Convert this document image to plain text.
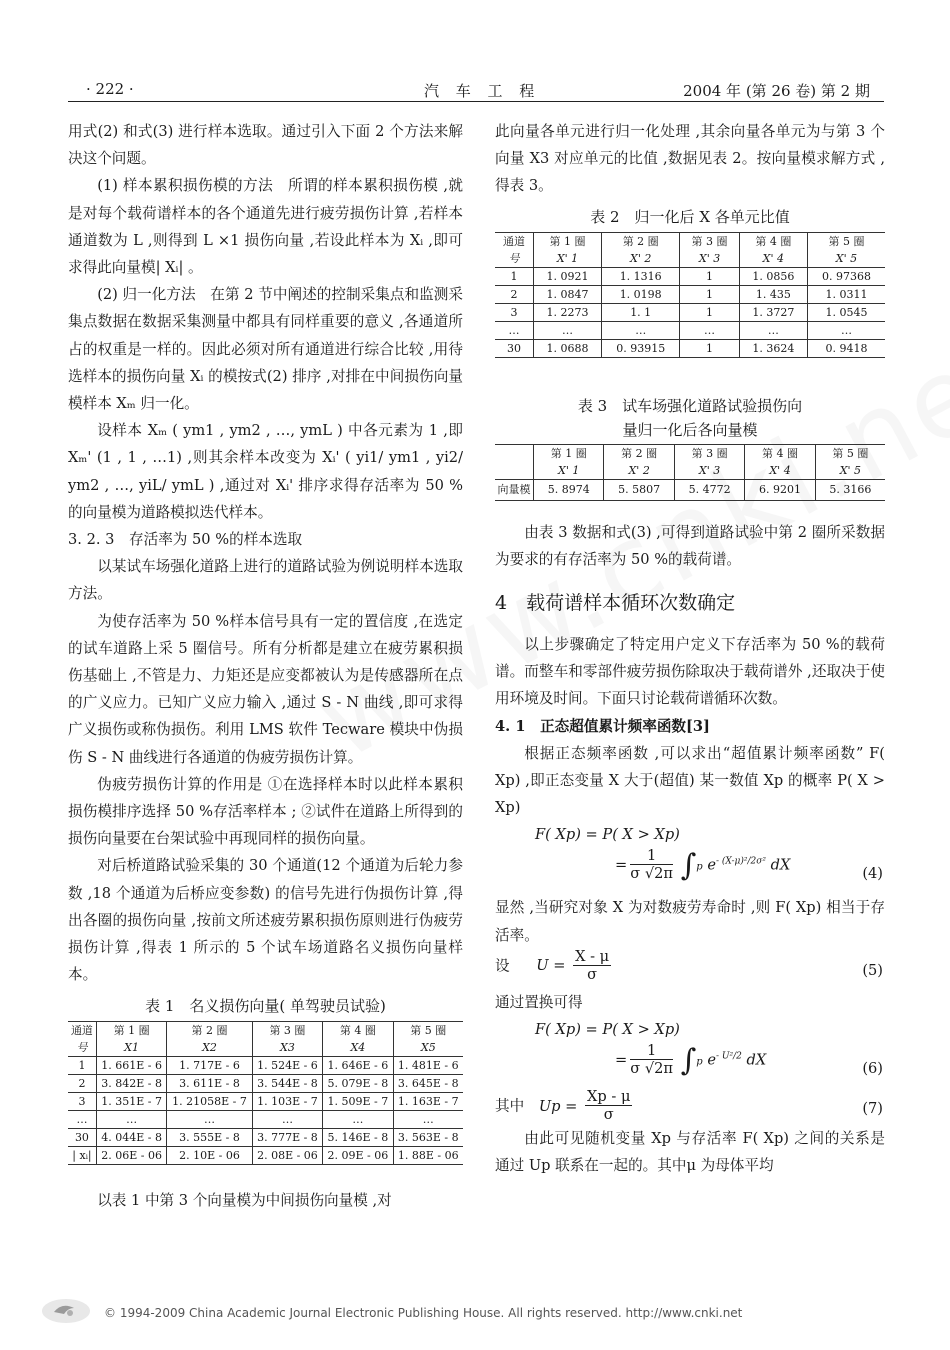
· 222 ·	汽 车 工 程	2004 年 (第 26 卷) 第 2 期

用式(2) 和式(3) 进行样本选取。通过引入下面 2 个方法来解决这个问题。

(1) 样本累积损伤模的方法　所谓的样本累积损伤模 ,就是对每个载荷谱样本的各个通道先进行疲劳损伤计算 ,若样本通道数为 L ,则得到 L ×1 损伤向量 ,若设此样本为 Xᵢ ,即可求得此向量模| Xᵢ| 。

(2) 归一化方法　在第 2 节中阐述的控制采集点和监测采集点数据在数据采集测量中都具有同样重要的意义 ,各通道所占的权重是一样的。因此必须对所有通道进行综合比较 ,用待选样本的损伤向量 Xᵢ 的模按式(2) 排序 ,对排在中间损伤向量模样本 Xₘ 归一化。

设样本 Xₘ ( ym1 , ym2 , …, ymL ) 中各元素为 1 ,即 Xₘ' (1 , 1 , …1) ,则其余样本改变为 Xᵢ' ( yi1/ ym1 , yi2/ ym2 , …, yiL/ ymL ) ,通过对 Xᵢ' 排序求得存活率为 50 %的向量模为道路模拟迭代样本。

3. 2. 3　存活率为 50 %的样本选取

以某试车场强化道路上进行的道路试验为例说明样本选取方法。

为使存活率为 50 %样本信号具有一定的置信度 ,在选定的试车道路上采 5 圈信号。所有分析都是建立在疲劳累积损伤基础上 ,不管是力、力矩还是应变都被认为是传感器所在点的广义应力。已知广义应力输入 ,通过 S - N 曲线 ,即可求得广义损伤或称伪损伤。利用 LMS 软件 Tecware 模块中伪损伤 S - N 曲线进行各通道的伪疲劳损伤计算。

伪疲劳损伤计算的作用是 ①在选择样本时以此样本累积损伤模排序选择 50 %存活率样本 ; ②试件在道路上所得到的损伤向量要在台架试验中再现同样的损伤向量。

对后桥道路试验采集的 30 个通道(12 个通道为后轮力参数 ,18 个通道为后桥应变参数) 的信号先进行伪损伤计算 ,得出各圈的损伤向量 ,按前文所述疲劳累积损伤原则进行伪疲劳损伤计算 ,得表 1 所示的 5 个试车场道路名义损伤向量样本。

表 1　名义损伤向量( 单驾驶员试验)
通道	第 1 圈	第 2 圈	第 3 圈	第 4 圈	第 5 圈
号	X1	X2	X3	X4	X5
1	1. 661E - 6	1. 717E - 6	1. 524E - 6	1. 646E - 6	1. 481E - 6
2	3. 842E - 8	3. 611E - 8	3. 544E - 8	5. 079E - 8	3. 645E - 8
3	1. 351E - 7	1. 21058E - 7	1. 103E - 7	1. 509E - 7	1. 163E - 7
…	…	…	…	…	…
30	4. 044E - 8	3. 555E - 8	3. 777E - 8	5. 146E - 8	3. 563E - 8
| xᵢ|	2. 06E - 06	2. 10E - 06	2. 08E - 06	2. 09E - 06	1. 88E - 06

以表 1 中第 3 个向量模为中间损伤向量模 ,对

此向量各单元进行归一化处理 ,其余向量各单元为与第 3 个向量 X3 对应单元的比值 ,数据见表 2。按向量模求解方式 ,得表 3。

表 2　归一化后 X 各单元比值
通道	第 1 圈	第 2 圈	第 3 圈	第 4 圈	第 5 圈
号	X' 1	X' 2	X' 3	X' 4	X' 5
1	1. 0921	1. 1316	1	1. 0856	0. 97368
2	1. 0847	1. 0198	1	1. 435	1. 0311
3	1. 2273	1. 1	1	1. 3727	1. 0545
…	…	…	…	…	…
30	1. 0688	0. 93915	1	1. 3624	0. 9418
表 3　试车场强化道路试验损伤向
量归一化后各向量模
	第 1 圈	第 2 圈	第 3 圈	第 4 圈	第 5 圈
	X' 1	X' 2	X' 3	X' 4	X' 5
向量模	5. 8974	5. 5807	5. 4772	6. 9201	5. 3166

由表 3 数据和式(3) ,可得到道路试验中第 2 圈所采数据为要求的有存活率为 50 %的载荷谱。

4　载荷谱样本循环次数确定

以上步骤确定了特定用户定义下存活率为 50 %的载荷谱。而整车和零部件疲劳损伤除取决于载荷谱外 ,还取决于使用环境及时间。下面只讨论载荷谱循环次数。

4. 1　正态超值累计频率函数[3]

根据正态频率函数 ,可以求出“超值累计频率函数” F( Xp) ,即正态变量 X 大于(超值) 某一数值 Xp 的概率 P( X > Xp)

F( Xp) = P( X > Xp)
= $\frac{1}{\sigma √2\pi} \int p$ $e^{- (X-\mu)^2/2\sigma^2}$ dX	(4)

显然 ,当研究对象 X 为对数疲劳寿命时 ,则 F( Xp) 相当于存活率。

设 $U = \frac{X - \mu}{\sigma}$	(5)

通过置换可得

F( Xp) = P( X > Xp)
= $\frac{1}{\sigma √2\pi} \int p$ $e^{- U^2/2}$ dX	(6)
其中 $Up = \frac{Xp - \mu}{\sigma}$	(7)

由此可见随机变量 Xp 与存活率 F( Xp) 之间的关系是通过 Up 联系在一起的。其中μ 为母体平均

© 1994-2009 China Academic Journal Electronic Publishing House. All rights reserved. http://www.cnki.net
